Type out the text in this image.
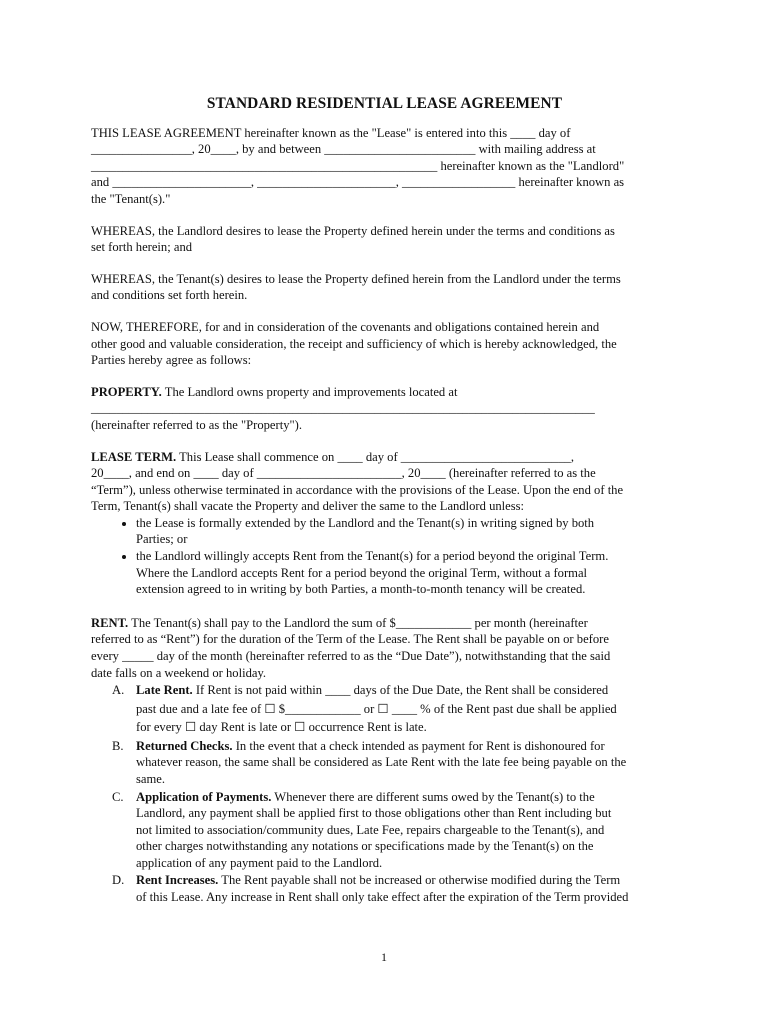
STANDARD RESIDENTIAL LEASE AGREEMENT

THIS LEASE AGREEMENT hereinafter known as the "Lease" is entered into this ____ day of
________________, 20____, by and between ________________________ with mailing address at
_______________________________________________________ hereinafter known as the "Landlord"
and ______________________, ______________________, __________________ hereinafter known as
the "Tenant(s)."

WHEREAS, the Landlord desires to lease the Property defined herein under the terms and conditions as
set forth herein; and

WHEREAS, the Tenant(s) desires to lease the Property defined herein from the Landlord under the terms
and conditions set forth herein.

NOW, THEREFORE, for and in consideration of the covenants and obligations contained herein and
other good and valuable consideration, the receipt and sufficiency of which is hereby acknowledged, the
Parties hereby agree as follows:

PROPERTY. The Landlord owns property and improvements located at
________________________________________________________________________________
(hereinafter referred to as the "Property").

LEASE TERM. This Lease shall commence on ____ day of ___________________________,
20____, and end on ____ day of _______________________, 20____ (hereinafter referred to as the
“Term”), unless otherwise terminated in accordance with the provisions of the Lease. Upon the end of the
Term, Tenant(s) shall vacate the Property and deliver the same to the Landlord unless:
• the Lease is formally extended by the Landlord and the Tenant(s) in writing signed by both
Parties; or
• the Landlord willingly accepts Rent from the Tenant(s) for a period beyond the original Term.
Where the Landlord accepts Rent for a period beyond the original Term, without a formal
extension agreed to in writing by both Parties, a month-to-month tenancy will be created.
RENT. The Tenant(s) shall pay to the Landlord the sum of $____________ per month (hereinafter
referred to as “Rent”) for the duration of the Term of the Lease. The Rent shall be payable on or before
every _____ day of the month (hereinafter referred to as the “Due Date”), notwithstanding that the said
date falls on a weekend or holiday.
A. Late Rent. If Rent is not paid within ____ days of the Due Date, the Rent shall be considered
past due and a late fee of ☐ $____________ or ☐ ____ % of the Rent past due shall be applied
for every ☐ day Rent is late or ☐ occurrence Rent is late.
B. Returned Checks. In the event that a check intended as payment for Rent is dishonoured for
whatever reason, the same shall be considered as Late Rent with the late fee being payable on the
same.
C. Application of Payments. Whenever there are different sums owed by the Tenant(s) to the
Landlord, any payment shall be applied first to those obligations other than Rent including but
not limited to association/community dues, Late Fee, repairs chargeable to the Tenant(s), and
other charges notwithstanding any notations or specifications made by the Tenant(s) on the
application of any payment paid to the Landlord.
D. Rent Increases. The Rent payable shall not be increased or otherwise modified during the Term
of this Lease. Any increase in Rent shall only take effect after the expiration of the Term provided
1
